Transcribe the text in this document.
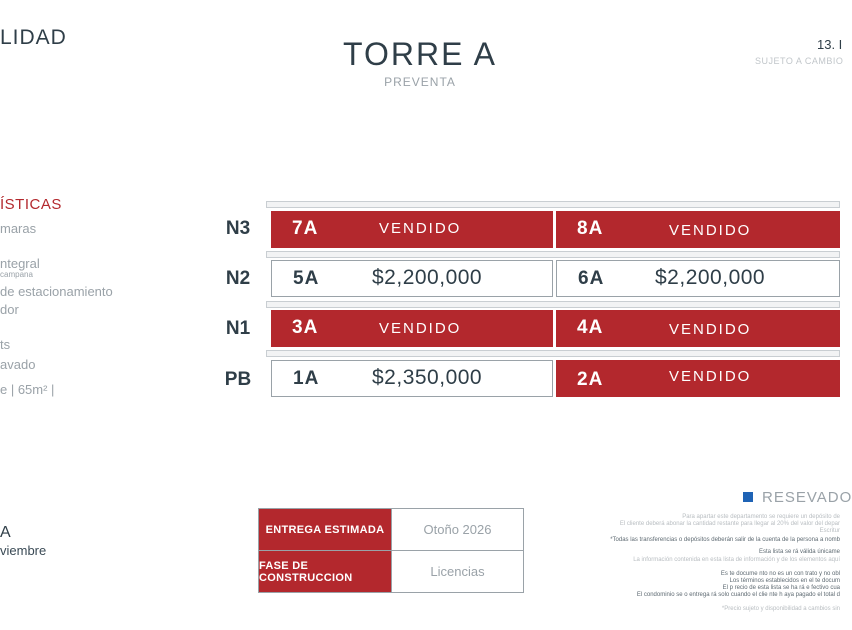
LIDAD	TORRE A
PREVENTA
13. I
SUJETO A CAMBIO
ÍSTICAS
maras
ntegral
campana
de estacionamiento
dor
ts
avado
e | 65m² |
A
viembre
N3	7A	VENDIDO	8A	VENDIDO
N2	5A	$2,200,000	6A $2,200,000
N1	3A	VENDIDO	4A	VENDIDO
PB 1A	$2,350,000	2A	VENDIDO
ENTREGA ESTIMADA	Otoño 2026
FASE DE CONSTRUCCION	Licencias
RESEVADO
Para apartar este departamento se requiere un depósito de
El cliente deberá abonar la cantidad restante para llegar al 20% del valor del depar
Escritur
*Todas las transferencias o depósitos deberán salir de la cuenta de la persona a nomb
La información contenida en esta lista de información y de los elementos aquí
Esta lista se rá válida únicame
Es te docume nto no es un con trato y no obl
Los términos establecidos en el te docum
El p recio de esta lista se ha rá e fectivo cua
El condominio se o entrega rá solo cuando el clie nte h aya pagado el total d
*Precio sujeto y disponibilidad a cambios sin
